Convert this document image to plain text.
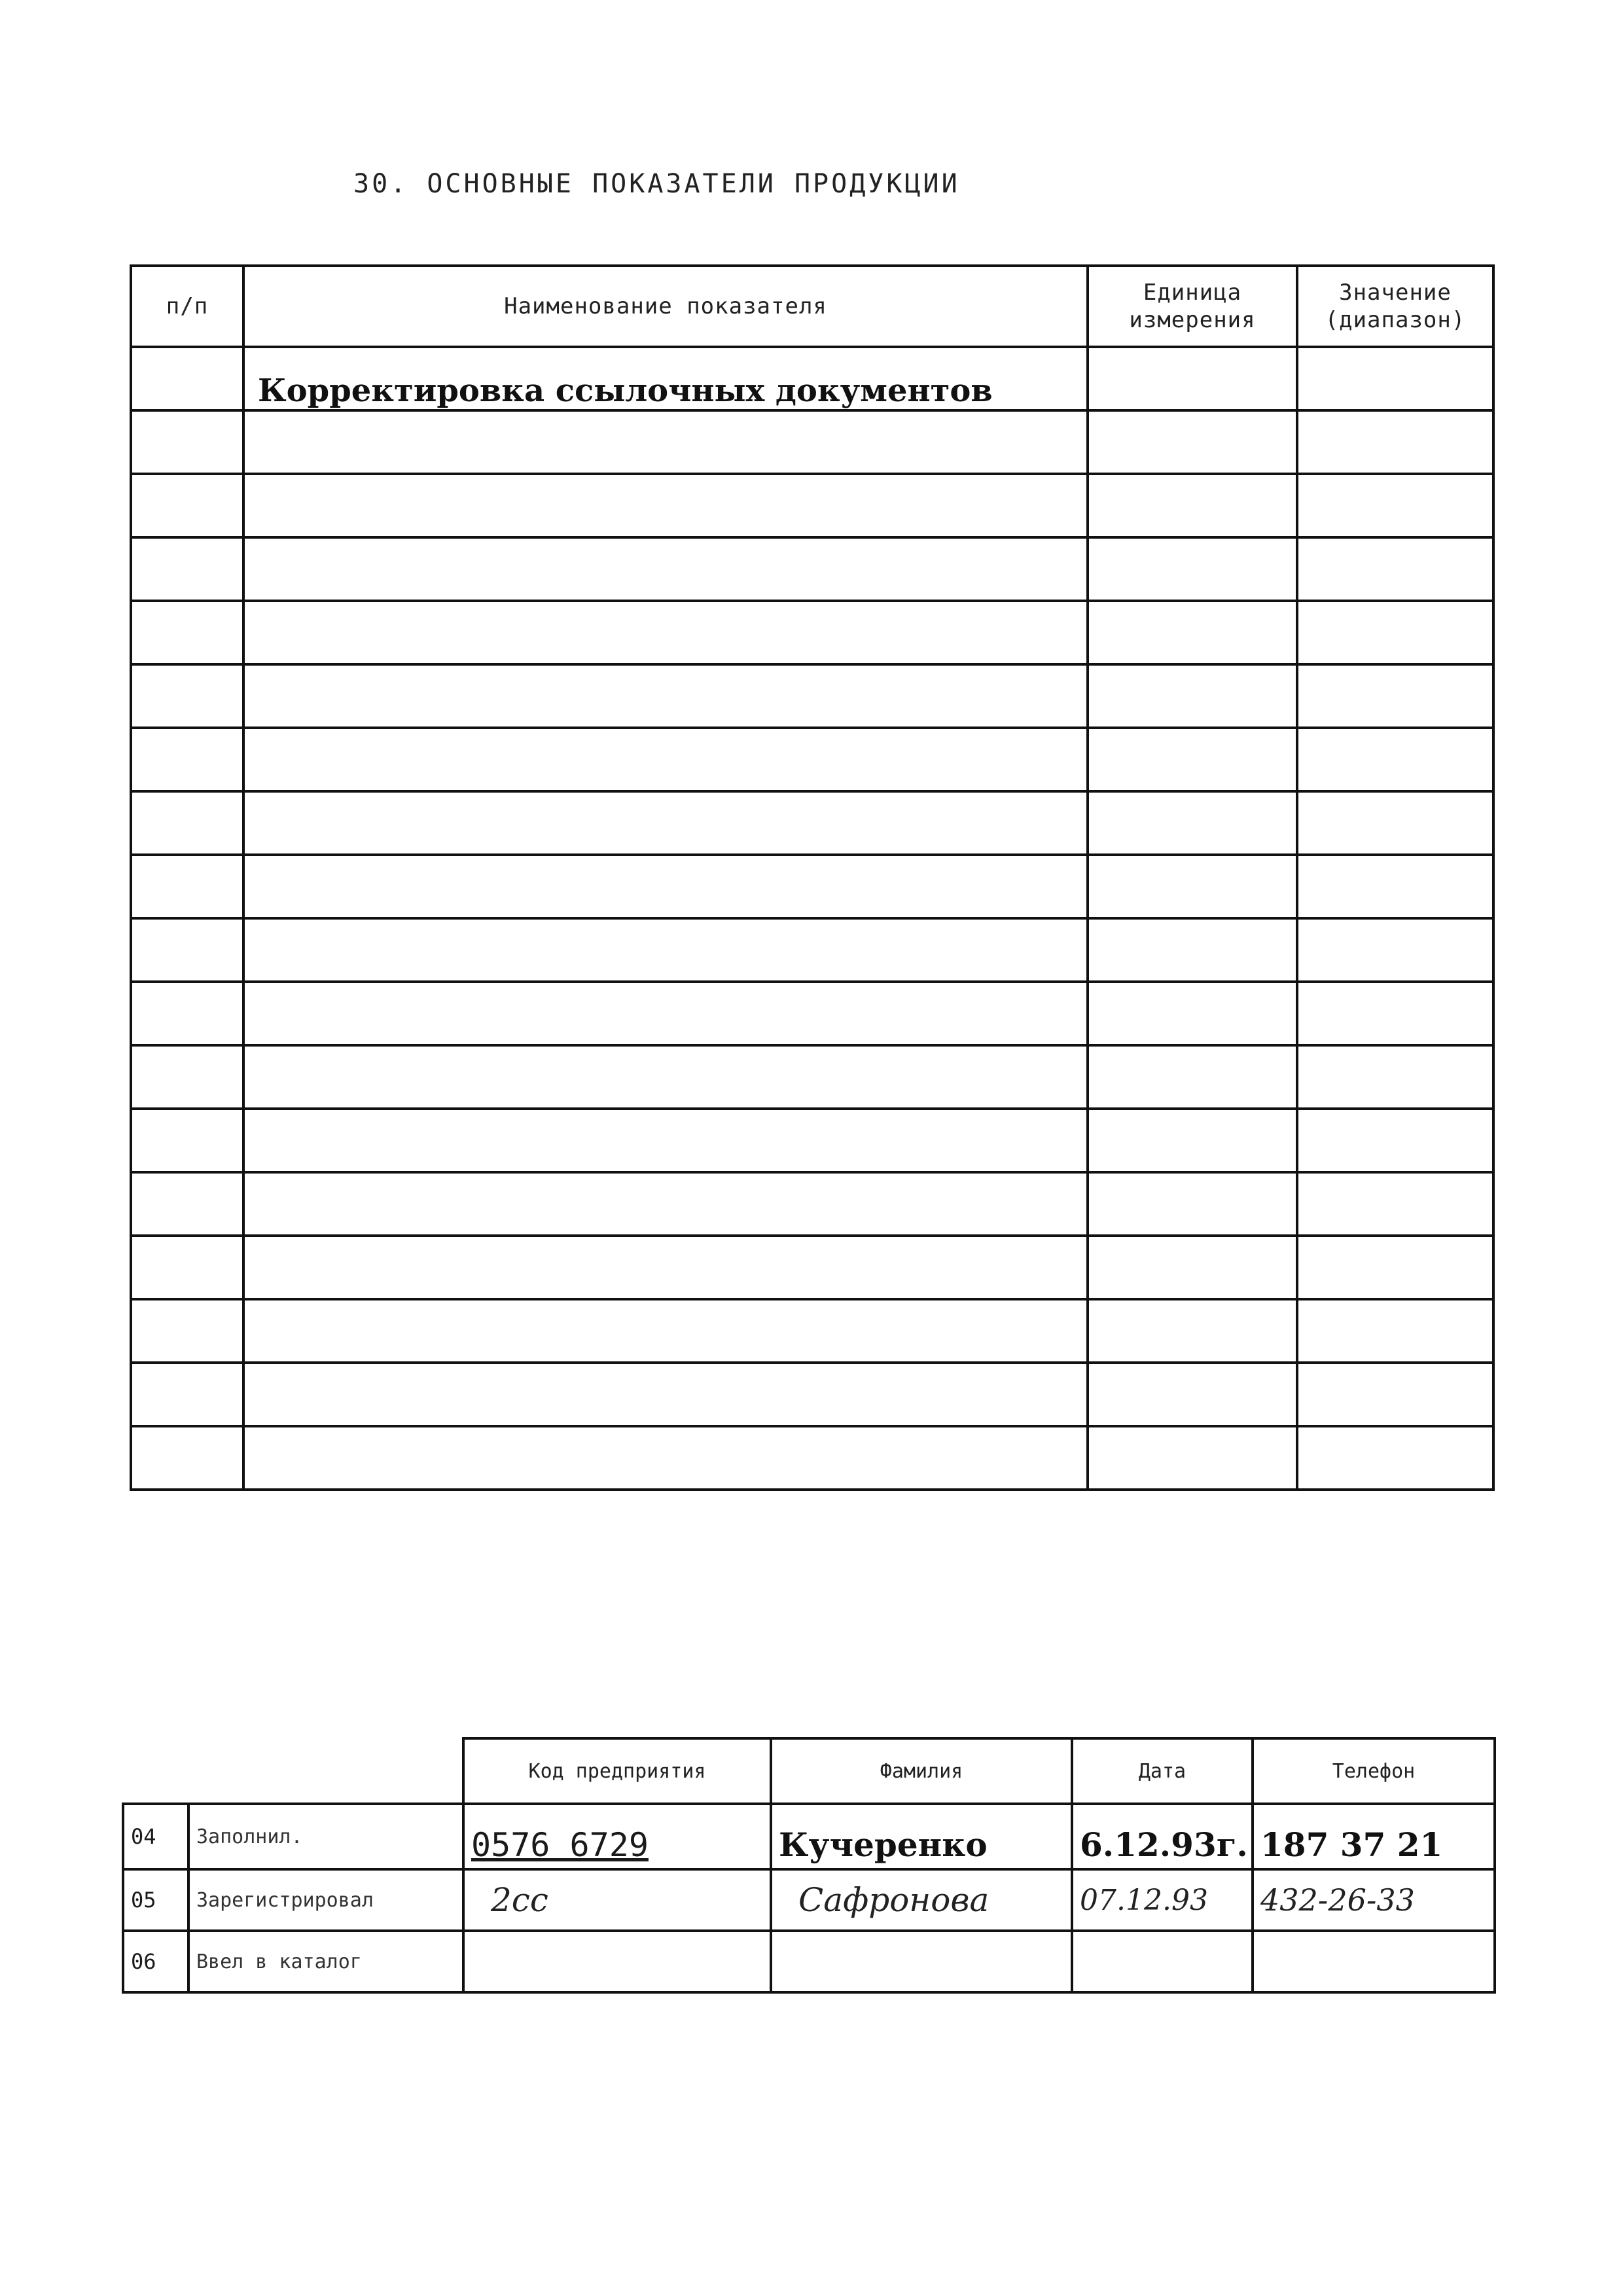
30. ОСНОВНЫЕ ПОКАЗАТЕЛИ ПРОДУКЦИИ
п/п	Наименование показателя	Единица измерения	Значение (диапазон)
	Корректировка ссылочных документов		

		Код предприятия	Фамилия	Дата	Телефон
04	Заполнил.	0576 6729	Кучеренко	6.12.93г.	187 37 21
05	Зарегистрировал	2сс	Сафронова	07.12.93	432-26-33
06	Ввел в каталог				
